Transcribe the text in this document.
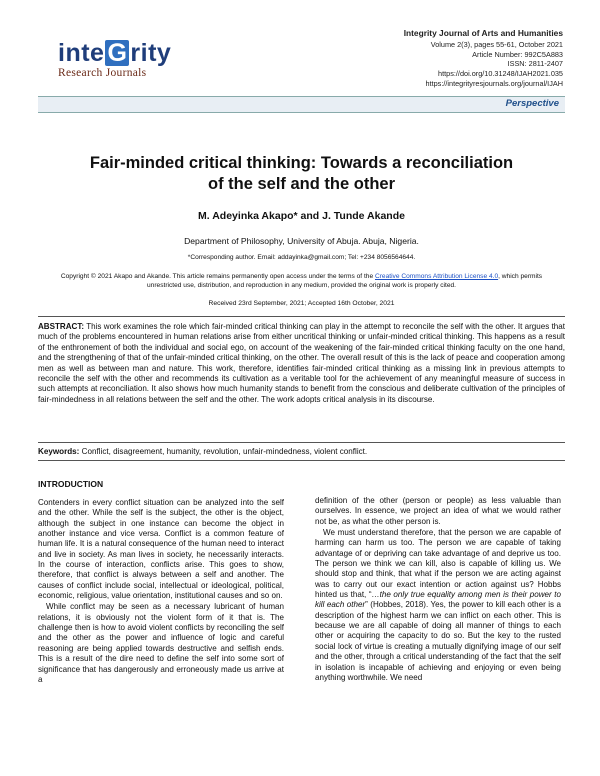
inte G rity
Research Journals
Integrity Journal of Arts and Humanities
Volume 2(3), pages 55-61, October 2021
Article Number: 992C5A883
ISSN: 2811-2407
https://doi.org/10.31248/IJAH2021.035
https://integrityresjournals.org/journal/IJAH
Perspective
Fair-minded critical thinking: Towards a reconciliation
of the self and the other
M. Adeyinka Akapo* and J. Tunde Akande
Department of Philosophy, University of Abuja. Abuja, Nigeria.
*Corresponding author. Email: addayinka@gmail.com; Tel: +234 8056564644.
Copyright © 2021 Akapo and Akande. This article remains permanently open access under the terms of the Creative Commons Attribution License 4.0, which permits unrestricted use, distribution, and reproduction in any medium, provided the original work is properly cited.
Received 23rd September, 2021; Accepted 16th October, 2021
ABSTRACT: This work examines the role which fair-minded critical thinking can play in the attempt to reconcile the self with the other. It argues that much of the problems encountered in human relations arise from either uncritical thinking or unfair-minded critical thinking. This happens as a result of the enthronement of both the individual and social ego, on account of the weakening of the fair-minded critical thinking faculty on the one hand, and the strengthening of that of the unfair-minded critical thinking, on the other. The overall result of this is the lack of peace and cooperation among men as well as between man and nature. This work, therefore, identifies fair-minded critical thinking as a missing link in previous attempts to reconcile the self with the other and recommends its cultivation as a veritable tool for the achievement of any meaningful measure of success in such attempts at reconciliation. It also shows how much humanity stands to benefit from the conscious and deliberate cultivation of the principles of fair-mindedness in all relations between the self and the other. The work adopts critical analysis in its discourse.
Keywords: Conflict, disagreement, humanity, revolution, unfair-mindedness, violent conflict.
INTRODUCTION

Contenders in every conflict situation can be analyzed into the self and the other. While the self is the subject, the other is the object, although the subject in one instance can become the object in another instance and vice versa. Conflict is a common feature of human life. It is a natural consequence of the human need to interact and live in society. As man lives in society, he necessarily interacts. In the course of interaction, conflicts arise. This goes to show, therefore, that conflict is always between a self and another. The causes of conflict include social, intellectual or ideological, political, economic, religious, value orientation, institutional causes and so on.

While conflict may be seen as a necessary lubricant of human relations, it is obviously not the violent form of it that is. The challenge then is how to avoid violent conflicts by reconciling the self and the other as the power and influence of logic and careful reasoning are being applied towards destructive and selfish ends. This is a result of the dire need to define the self into some sort of significance that has dangerously and erroneously made us arrive at a

definition of the other (person or people) as less valuable than ourselves. In essence, we project an idea of what we would rather not be, as what the other person is.

We must understand therefore, that the person we are capable of harming can harm us too. The person we are capable of taking advantage of or depriving can take advantage of and deprive us too. The person we think we can kill, also is capable of killing us. We should stop and think, that what if the person we are acting against was to carry out our exact intention or action against us? Hobbs hinted us that, “…the only true equality among men is their power to kill each other” (Hobbes, 2018). Yes, the power to kill each other is a description of the highest harm we can inflict on each other. This is because we are all capable of doing all manner of things to each other or acquiring the capacity to do so. But the key to the rusted social lock of virtue is creating a mutually dignifying image of our self and the other, through a critical understanding of the fact that the self in isolation is incapable of achieving and enjoying or even being anything worthwhile. We need
